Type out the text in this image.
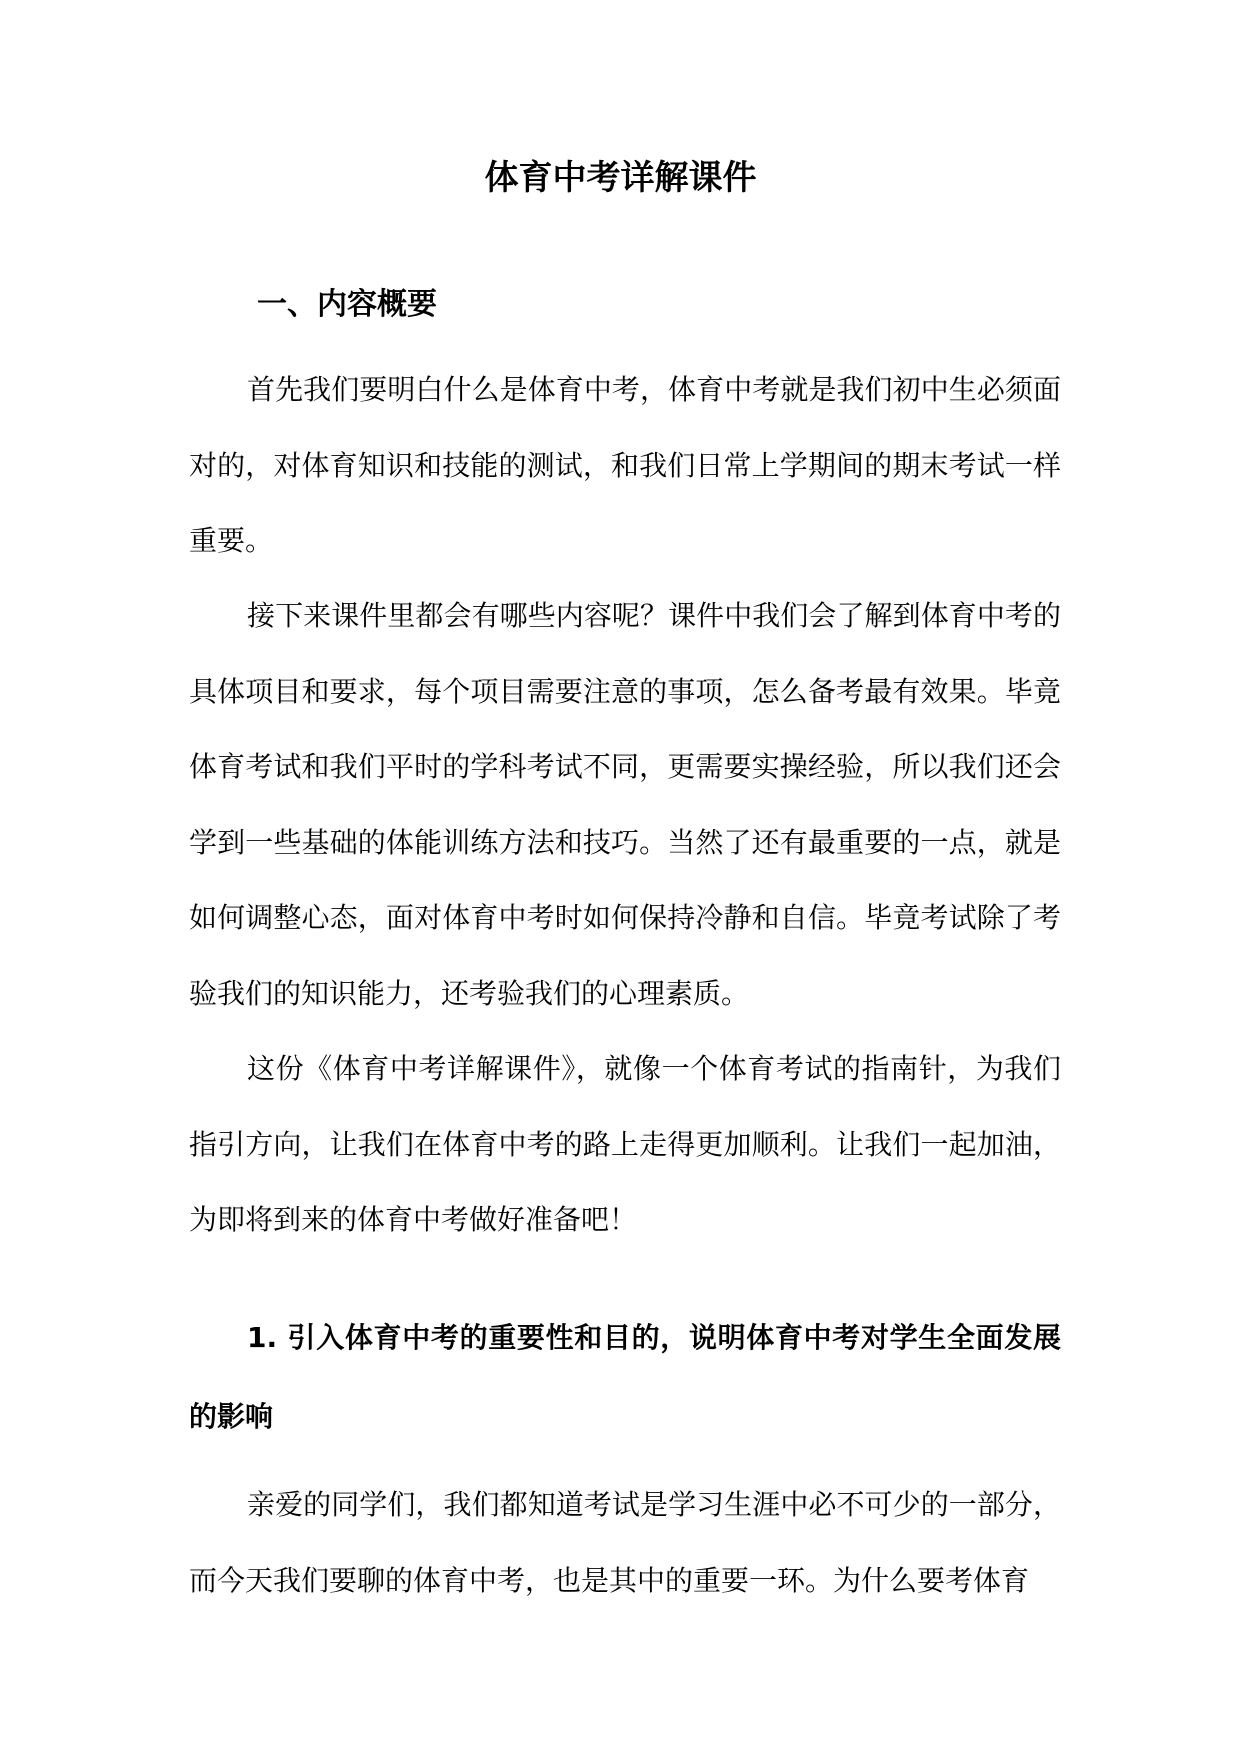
体育中考详解课件
一、内容概要

首先我们要明白什么是体育中考，体育中考就是我们初中生必须面对的，对体育知识和技能的测试，和我们日常上学期间的期末考试一样重要。

接下来课件里都会有哪些内容呢？课件中我们会了解到体育中考的具体项目和要求，每个项目需要注意的事项，怎么备考最有效果。毕竟体育考试和我们平时的学科考试不同，更需要实操经验，所以我们还会学到一些基础的体能训练方法和技巧。当然了还有最重要的一点，就是如何调整心态，面对体育中考时如何保持冷静和自信。毕竟考试除了考验我们的知识能力，还考验我们的心理素质。

这份《体育中考详解课件》，就像一个体育考试的指南针，为我们指引方向，让我们在体育中考的路上走得更加顺利。让我们一起加油，为即将到来的体育中考做好准备吧！

1. 引入体育中考的重要性和目的，说明体育中考对学生全面发展的影响

亲爱的同学们，我们都知道考试是学习生涯中必不可少的一部分，而今天我们要聊的体育中考，也是其中的重要一环。为什么要考体育
